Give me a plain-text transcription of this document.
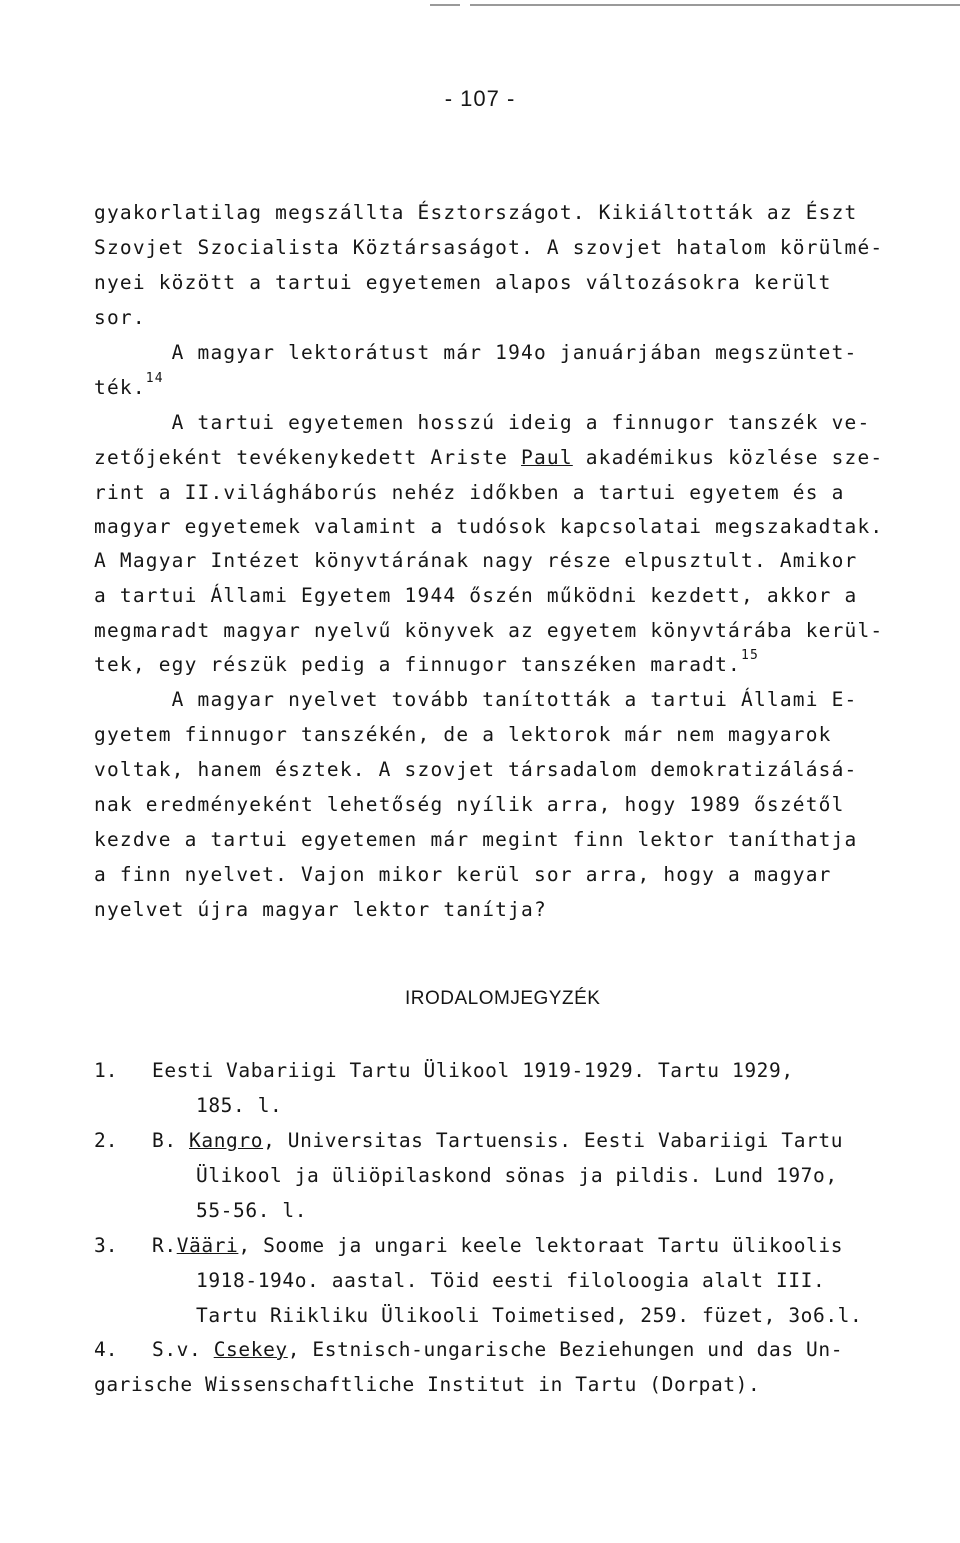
- 107 -
gyakorlatilag megszállta Észtországot. Kikiáltották az Észt
Szovjet Szocialista Köztársaságot. A szovjet hatalom körülmé-
nyei között a tartui egyetemen alapos változásokra került
sor.
A magyar lektorátust már 194o januárjában megszüntet-
ték.$^{14}$
A tartui egyetemen hosszú ideig a finnugor tanszék ve-
zetőjeként tevékenykedett Ariste Paul akadémikus közlése sze-
rint a II.világháborús nehéz időkben a tartui egyetem és a
magyar egyetemek valamint a tudósok kapcsolatai megszakadtak.
A Magyar Intézet könyvtárának nagy része elpusztult. Amikor
a tartui Állami Egyetem 1944 őszén működni kezdett, akkor a
megmaradt magyar nyelvű könyvek az egyetem könyvtárába kerül-
tek, egy részük pedig a finnugor tanszéken maradt.$^{15}$
A magyar nyelvet tovább tanították a tartui Állami E-
gyetem finnugor tanszékén, de a lektorok már nem magyarok
voltak, hanem észtek. A szovjet társadalom demokratizálásá-
nak eredményeként lehetőség nyílik arra, hogy 1989 őszétől
kezdve a tartui egyetemen már megint finn lektor taníthatja
a finn nyelvet. Vajon mikor kerül sor arra, hogy a magyar
nyelvet újra magyar lektor tanítja?
IRODALOMJEGYZÉK
1. Eesti Vabariigi Tartu Ülikool 1919-1929. Tartu 1929,
185. l.
2. B. Kangro, Universitas Tartuensis. Eesti Vabariigi Tartu
Ülikool ja üliöpilaskond sönas ja pildis. Lund 197o,
55-56. l.
3. R.Vääri, Soome ja ungari keele lektoraat Tartu ülikoolis
1918-194o. aastal. Töid eesti filoloogia alalt III.
Tartu Riikliku Ülikooli Toimetised, 259. füzet, 3o6.l.
4. S.v. Csekey, Estnisch-ungarische Beziehungen und das Un-
garische Wissenschaftliche Institut in Tartu (Dorpat).
